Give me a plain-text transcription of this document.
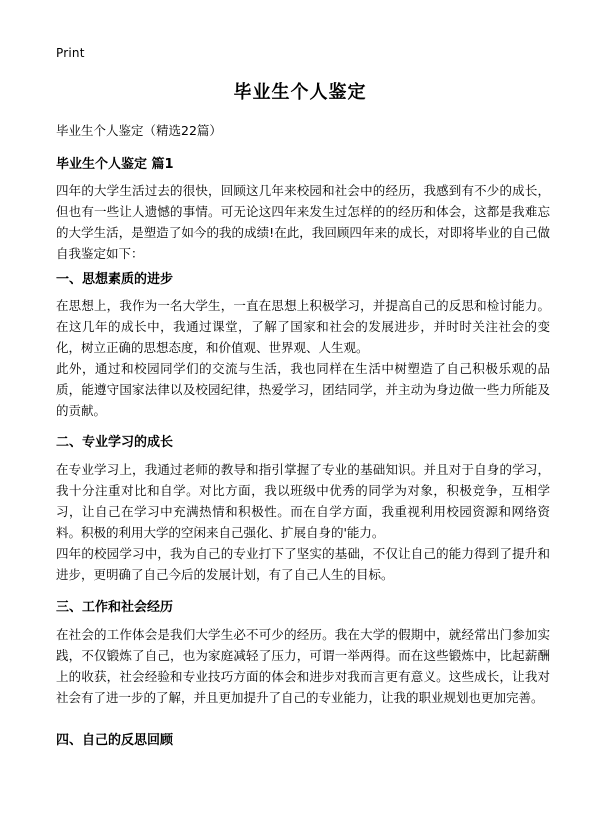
Print
毕业生个人鉴定
毕业生个人鉴定（精选22篇）
毕业生个人鉴定 篇1
四年的大学生活过去的很快，回顾这几年来校园和社会中的经历，我感到有不少的成长，但也有一些让人遗憾的事情。可无论这四年来发生过怎样的的经历和体会，这都是我难忘的大学生活，是塑造了如今的我的成绩!在此，我回顾四年来的成长，对即将毕业的自己做自我鉴定如下：
一、思想素质的进步
在思想上，我作为一名大学生，一直在思想上积极学习，并提高自己的反思和检讨能力。在这几年的成长中，我通过课堂，了解了国家和社会的发展进步，并时时关注社会的变化，树立正确的思想态度，和价值观、世界观、人生观。
此外，通过和校园同学们的交流与生活，我也同样在生活中树塑造了自己积极乐观的品质，能遵守国家法律以及校园纪律，热爱学习，团结同学，并主动为身边做一些力所能及的贡献。
二、专业学习的成长
在专业学习上，我通过老师的教导和指引掌握了专业的基础知识。并且对于自身的学习，我十分注重对比和自学。对比方面，我以班级中优秀的同学为对象，积极竞争，互相学习，让自己在学习中充满热情和积极性。而在自学方面，我重视利用校园资源和网络资料。积极的利用大学的空闲来自己强化、扩展自身的'能力。
四年的校园学习中，我为自己的专业打下了坚实的基础，不仅让自己的能力得到了提升和进步，更明确了自己今后的发展计划，有了自己人生的目标。
三、工作和社会经历
在社会的工作体会是我们大学生必不可少的经历。我在大学的假期中，就经常出门参加实践，不仅锻炼了自己，也为家庭减轻了压力，可谓一举两得。而在这些锻炼中，比起薪酬上的收获，社会经验和专业技巧方面的体会和进步对我而言更有意义。这些成长，让我对社会有了进一步的了解，并且更加提升了自己的专业能力，让我的职业规划也更加完善。
四、自己的反思回顾
